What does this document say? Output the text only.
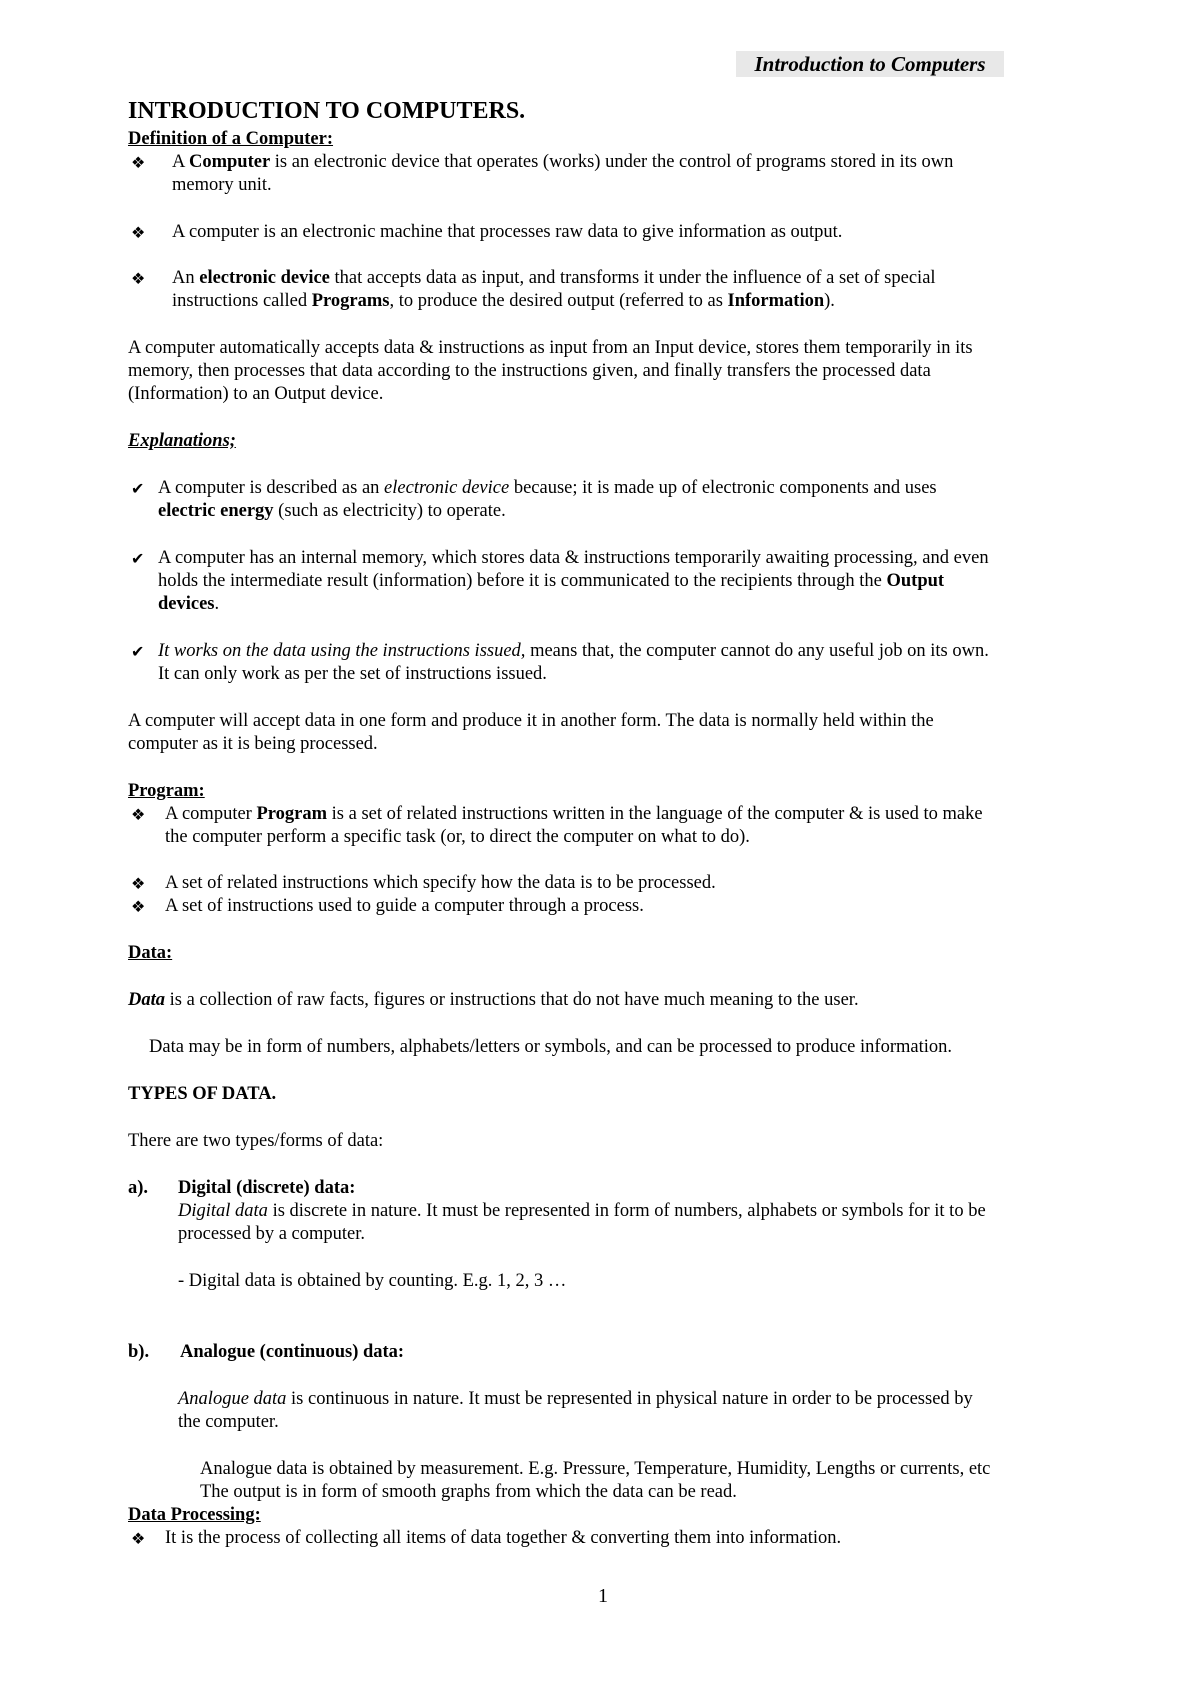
Introduction to Computers
INTRODUCTION TO COMPUTERS.
Definition of a Computer:
❖ A Computer is an electronic device that operates (works) under the control of programs stored in its own
memory unit.
❖ A computer is an electronic machine that processes raw data to give information as output.
❖ An electronic device that accepts data as input, and transforms it under the influence of a set of special
instructions called Programs, to produce the desired output (referred to as Information).
A computer automatically accepts data & instructions as input from an Input device, stores them temporarily in its
memory, then processes that data according to the instructions given, and finally transfers the processed data
(Information) to an Output device.
Explanations;
✔ A computer is described as an electronic device because; it is made up of electronic components and uses
electric energy (such as electricity) to operate.
✔ A computer has an internal memory, which stores data & instructions temporarily awaiting processing, and even
holds the intermediate result (information) before it is communicated to the recipients through the Output
devices.
✔ It works on the data using the instructions issued, means that, the computer cannot do any useful job on its own.
It can only work as per the set of instructions issued.
A computer will accept data in one form and produce it in another form. The data is normally held within the
computer as it is being processed.
Program:
❖ A computer Program is a set of related instructions written in the language of the computer & is used to make
the computer perform a specific task (or, to direct the computer on what to do).
❖ A set of related instructions which specify how the data is to be processed.
❖ A set of instructions used to guide a computer through a process.
Data:
Data is a collection of raw facts, figures or instructions that do not have much meaning to the user.
Data may be in form of numbers, alphabets/letters or symbols, and can be processed to produce information.
TYPES OF DATA.
There are two types/forms of data:
a). Digital (discrete) data:
Digital data is discrete in nature. It must be represented in form of numbers, alphabets or symbols for it to be
processed by a computer.
- Digital data is obtained by counting. E.g. 1, 2, 3 …
b). Analogue (continuous) data:
Analogue data is continuous in nature. It must be represented in physical nature in order to be processed by
the computer.
Analogue data is obtained by measurement. E.g. Pressure, Temperature, Humidity, Lengths or currents, etc
The output is in form of smooth graphs from which the data can be read.
Data Processing:
❖ It is the process of collecting all items of data together & converting them into information.
1
